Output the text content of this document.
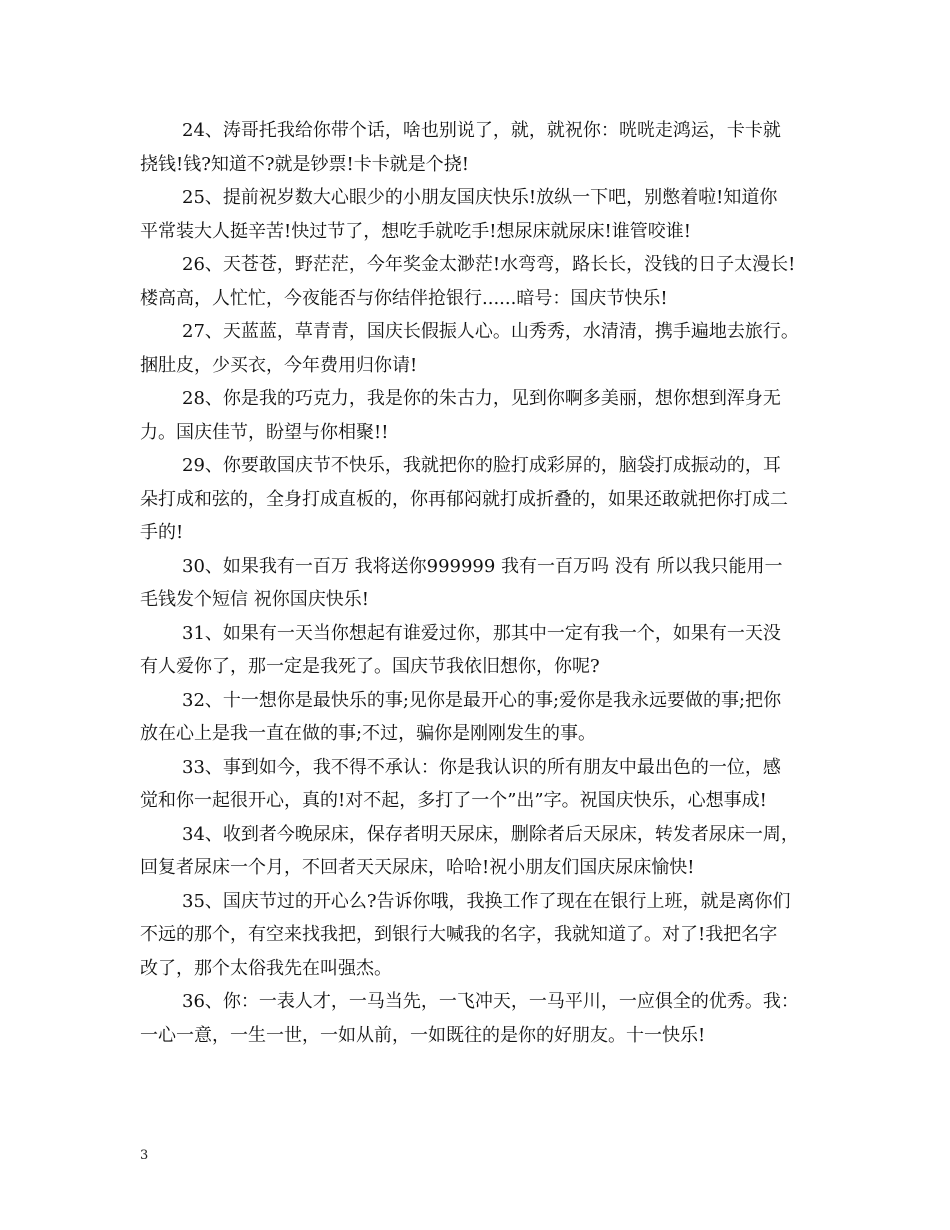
24、涛哥托我给你带个话，啥也别说了，就，就祝你：咣咣走鸿运，卡卡就
挠钱!钱?知道不?就是钞票!卡卡就是个挠!

25、提前祝岁数大心眼少的小朋友国庆快乐!放纵一下吧，别憋着啦!知道你
平常装大人挺辛苦!快过节了，想吃手就吃手!想尿床就尿床!谁管咬谁!

26、天苍苍，野茫茫，今年奖金太渺茫!水弯弯，路长长，没钱的日子太漫长!
楼高高，人忙忙，今夜能否与你结伴抢银行......暗号：国庆节快乐!

27、天蓝蓝，草青青，国庆长假振人心。山秀秀，水清清，携手遍地去旅行。
捆肚皮，少买衣，今年费用归你请!

28、你是我的巧克力，我是你的朱古力，见到你啊多美丽，想你想到浑身无
力。国庆佳节，盼望与你相聚!!

29、你要敢国庆节不快乐，我就把你的脸打成彩屏的，脑袋打成振动的，耳
朵打成和弦的，全身打成直板的，你再郁闷就打成折叠的，如果还敢就把你打成二
手的!

30、如果我有一百万 我将送你999999 我有一百万吗 没有 所以我只能用一
毛钱发个短信 祝你国庆快乐!

31、如果有一天当你想起有谁爱过你，那其中一定有我一个，如果有一天没
有人爱你了，那一定是我死了。国庆节我依旧想你，你呢?

32、十一想你是最快乐的事;见你是最开心的事;爱你是我永远要做的事;把你
放在心上是我一直在做的事;不过，骗你是刚刚发生的事。

33、事到如今，我不得不承认：你是我认识的所有朋友中最出色的一位，感
觉和你一起很开心，真的!对不起，多打了一个”出”字。祝国庆快乐，心想事成!

34、收到者今晚尿床，保存者明天尿床，删除者后天尿床，转发者尿床一周，
回复者尿床一个月，不回者天天尿床，哈哈!祝小朋友们国庆尿床愉快!

35、国庆节过的开心么?告诉你哦，我换工作了现在在银行上班，就是离你们
不远的那个，有空来找我把，到银行大喊我的名字，我就知道了。对了!我把名字
改了，那个太俗我先在叫强杰。

36、你：一表人才，一马当先，一飞冲天，一马平川，一应俱全的优秀。我：
一心一意，一生一世，一如从前，一如既往的是你的好朋友。十一快乐!

3
